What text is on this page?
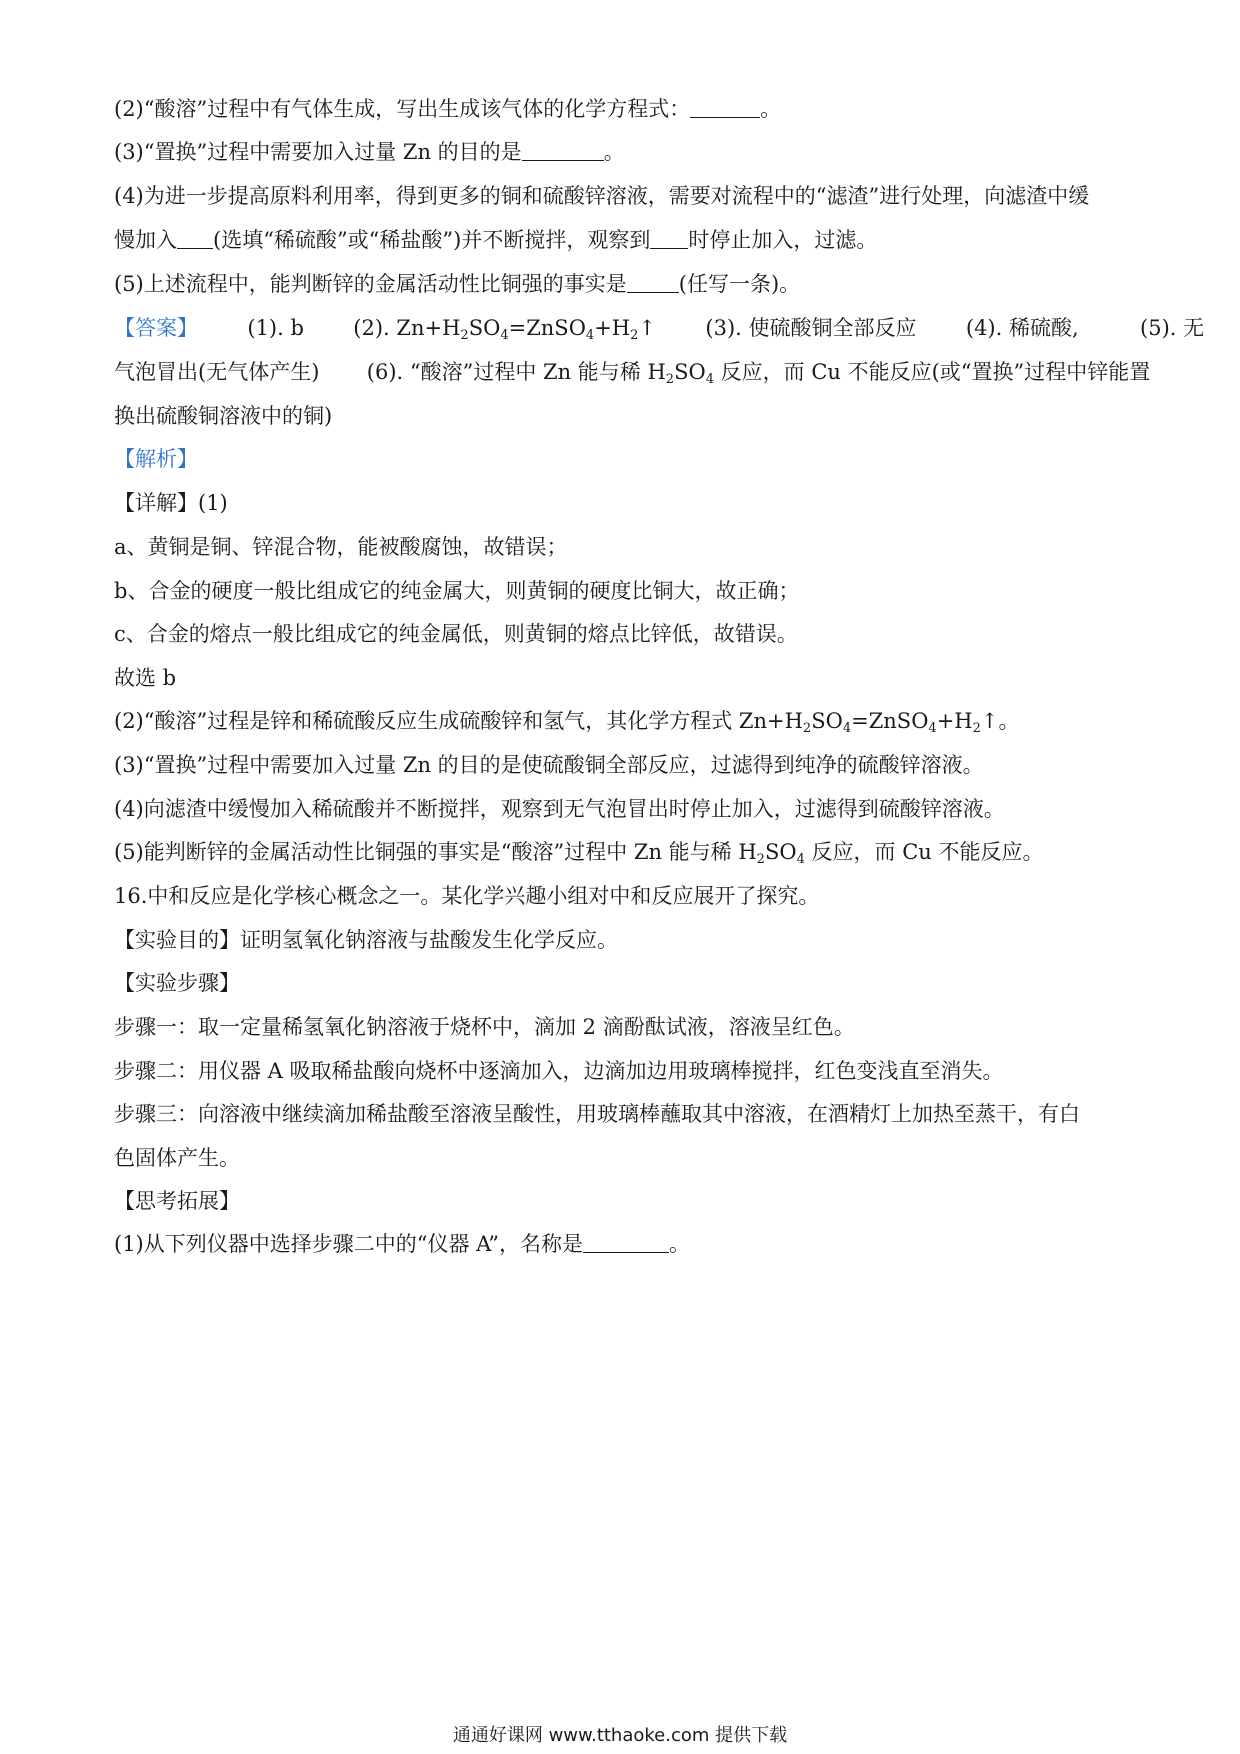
(2)“酸溶”过程中有气体生成，写出生成该气体的化学方程式：	。
(3)“置换”过程中需要加入过量 Zn 的目的是	。
(4)为进一步提高原料利用率，得到更多的铜和硫酸锌溶液，需要对流程中的“滤渣”进行处理，向滤渣中缓
慢加入 (选填“稀硫酸”或“稀盐酸”)并不断搅拌，观察到 时停止加入，过滤。
(5)上述流程中，能判断锌的金属活动性比铜强的事实是 (任写一条)。
【答案】 (1). b (2). $Zn+H_2SO_4=ZnSO_4+H_2↑$ (3). 使硫酸铜全部反应 (4). 稀硫酸,	(5). 无
气泡冒出(无气体产生) (6). “酸溶”过程中 Zn 能与稀 $H_2SO_4$ 反应，而 Cu 不能反应(或“置换”过程中锌能置
换出硫酸铜溶液中的铜)
【解析】
【详解】(1)
a、黄铜是铜、锌混合物，能被酸腐蚀，故错误；
b、合金的硬度一般比组成它的纯金属大，则黄铜的硬度比铜大，故正确；
c、合金的熔点一般比组成它的纯金属低，则黄铜的熔点比锌低，故错误。
故选 b
(2)“酸溶”过程是锌和稀硫酸反应生成硫酸锌和氢气，其化学方程式 $Zn+H_2SO_4=ZnSO_4+H_2↑$。
(3)“置换”过程中需要加入过量 Zn 的目的是使硫酸铜全部反应，过滤得到纯净的硫酸锌溶液。
(4)向滤渣中缓慢加入稀硫酸并不断搅拌，观察到无气泡冒出时停止加入，过滤得到硫酸锌溶液。
(5)能判断锌的金属活动性比铜强的事实是“酸溶”过程中 Zn 能与稀 $H_2SO_4$ 反应，而 Cu 不能反应。
16.中和反应是化学核心概念之一。某化学兴趣小组对中和反应展开了探究。
【实验目的】证明氢氧化钠溶液与盐酸发生化学反应。
【实验步骤】
步骤一：取一定量稀氢氧化钠溶液于烧杯中，滴加 2 滴酚酞试液，溶液呈红色。
步骤二：用仪器 A 吸取稀盐酸向烧杯中逐滴加入，边滴加边用玻璃棒搅拌，红色变浅直至消失。
步骤三：向溶液中继续滴加稀盐酸至溶液呈酸性，用玻璃棒蘸取其中溶液，在酒精灯上加热至蒸干，有白
色固体产生。
【思考拓展】
(1)从下列仪器中选择步骤二中的“仪器 A”，名称是	。
通通好课网 www.tthaoke.com 提供下载
